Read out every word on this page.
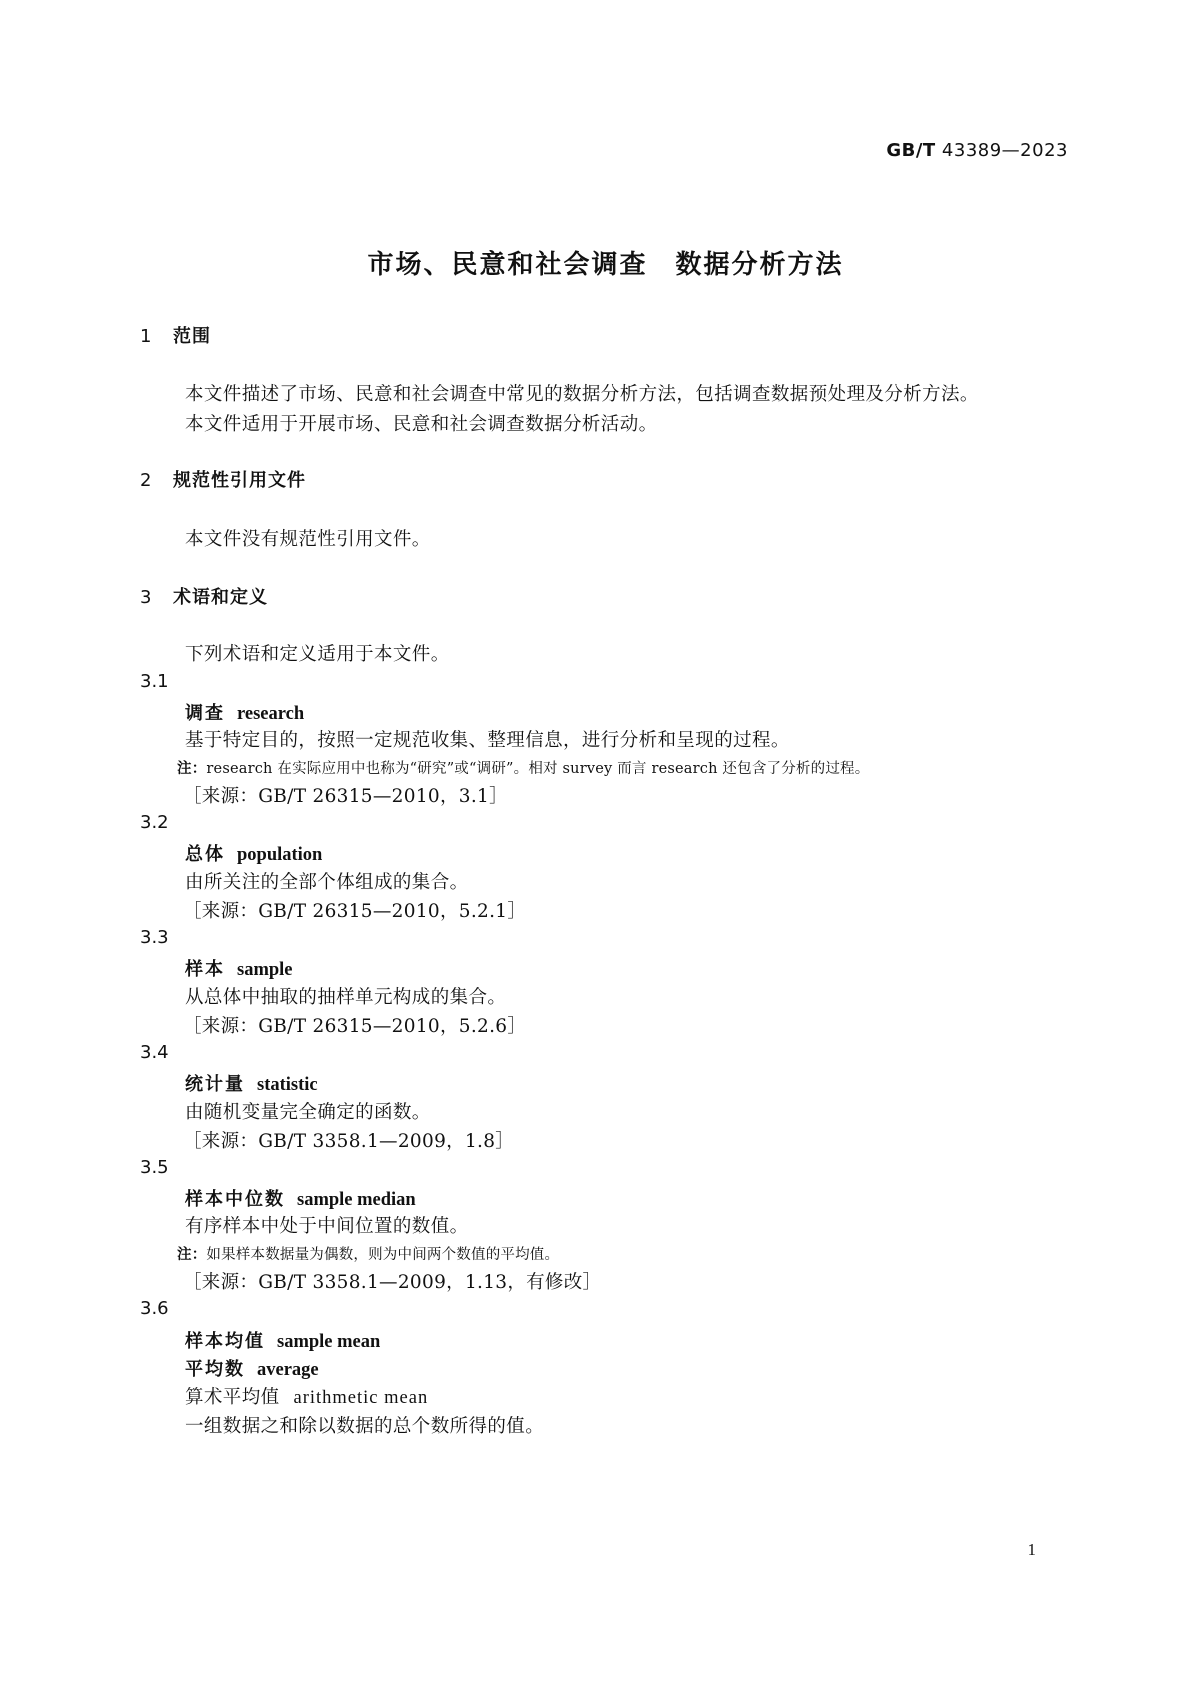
GB/T 43389—2023
市场、民意和社会调查　数据分析方法
1 范围
本文件描述了市场、民意和社会调查中常见的数据分析方法，包括调查数据预处理及分析方法。
本文件适用于开展市场、民意和社会调查数据分析活动。
2 规范性引用文件
本文件没有规范性引用文件。
3 术语和定义
下列术语和定义适用于本文件。
3.1
调查 research
基于特定目的，按照一定规范收集、整理信息，进行分析和呈现的过程。
注：research 在实际应用中也称为“研究”或“调研”。相对 survey 而言 research 还包含了分析的过程。
［来源：GB/T 26315—2010，3.1］
3.2
总体 population
由所关注的全部个体组成的集合。
［来源：GB/T 26315—2010，5.2.1］
3.3
样本 sample
从总体中抽取的抽样单元构成的集合。
［来源：GB/T 26315—2010，5.2.6］
3.4
统计量 statistic
由随机变量完全确定的函数。
［来源：GB/T 3358.1—2009，1.8］
3.5
样本中位数 sample median
有序样本中处于中间位置的数值。
注：如果样本数据量为偶数，则为中间两个数值的平均值。
［来源：GB/T 3358.1—2009，1.13，有修改］
3.6
样本均值 sample mean
平均数 average
算术平均值 arithmetic mean
一组数据之和除以数据的总个数所得的值。
1
